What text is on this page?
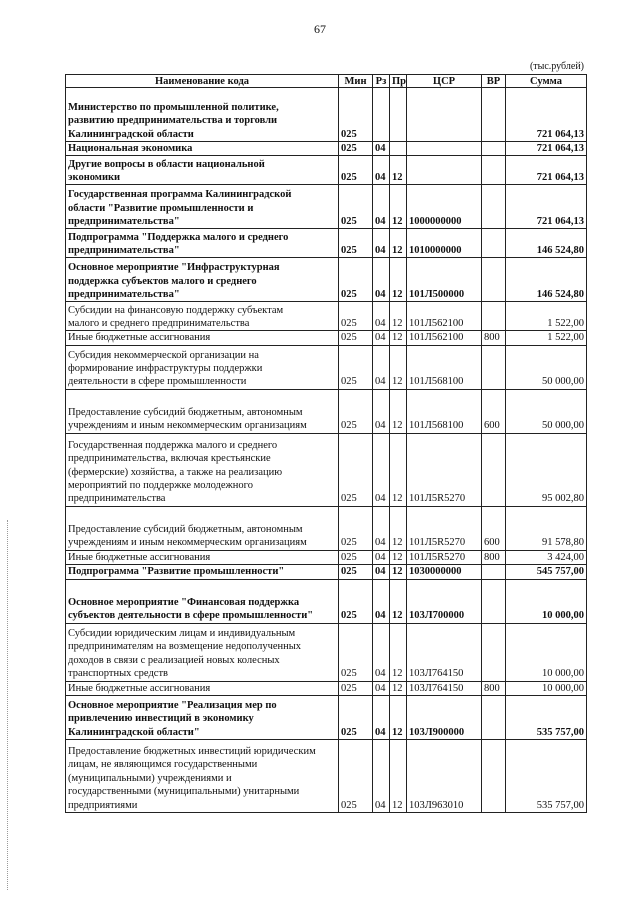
67
(тыс.рублей)
Наименование кода	Мин	Рз	Пр	ЦСР	ВР	Сумма
Министерство по промышленной политике,
развитию предпринимательства и торговли
Калининградской области	025					721 064,13
Национальная экономика	025	04				721 064,13
Другие вопросы в области национальной
экономики	025	04	12			721 064,13
Государственная программа Калининградской
области "Развитие промышленности и
предпринимательства"	025	04	12	1000000000		721 064,13
Подпрограмма "Поддержка малого и среднего
предпринимательства"	025	04	12	1010000000		146 524,80
Основное мероприятие "Инфраструктурная
поддержка субъектов малого и среднего
предпринимательства"	025	04	12	101Л500000		146 524,80
Субсидии на финансовую поддержку субъектам
малого и среднего предпринимательства	025	04	12	101Л562100		1 522,00
Иные бюджетные ассигнования	025	04	12	101Л562100	800	1 522,00
Субсидия некоммерческой организации на
формирование инфраструктуры поддержки
деятельности в сфере промышленности	025	04	12	101Л568100		50 000,00

Предоставление субсидий бюджетным, автономным
учреждениям и иным некоммерческим организациям	025	04	12	101Л568100	600	50 000,00
Государственная поддержка малого и среднего
предпринимательства, включая крестьянские
(фермерские) хозяйства, а также на реализацию
мероприятий по поддержке молодежного
предпринимательства	025	04	12	101Л5R5270		95 002,80

Предоставление субсидий бюджетным, автономным
учреждениям и иным некоммерческим организациям	025	04	12	101Л5R5270	600	91 578,80
Иные бюджетные ассигнования	025	04	12	101Л5R5270	800	3 424,00
Подпрограмма "Развитие промышленности"	025	04	12	1030000000		545 757,00

Основное мероприятие "Финансовая поддержка
субъектов деятельности в сфере промышленности"	025	04	12	103Л700000		10 000,00
Субсидии юридическим лицам и индивидуальным
предпринимателям на возмещение недополученных
доходов в связи с реализацией новых колесных
транспортных средств	025	04	12	103Л764150		10 000,00
Иные бюджетные ассигнования	025	04	12	103Л764150	800	10 000,00
Основное мероприятие "Реализация мер по
привлечению инвестиций в экономику
Калининградской области"	025	04	12	103Л900000		535 757,00
Предоставление бюджетных инвестиций юридическим
лицам, не являющимся государственными
(муниципальными) учреждениями и
государственными (муниципальными) унитарными
предприятиями	025	04	12	103Л963010		535 757,00
